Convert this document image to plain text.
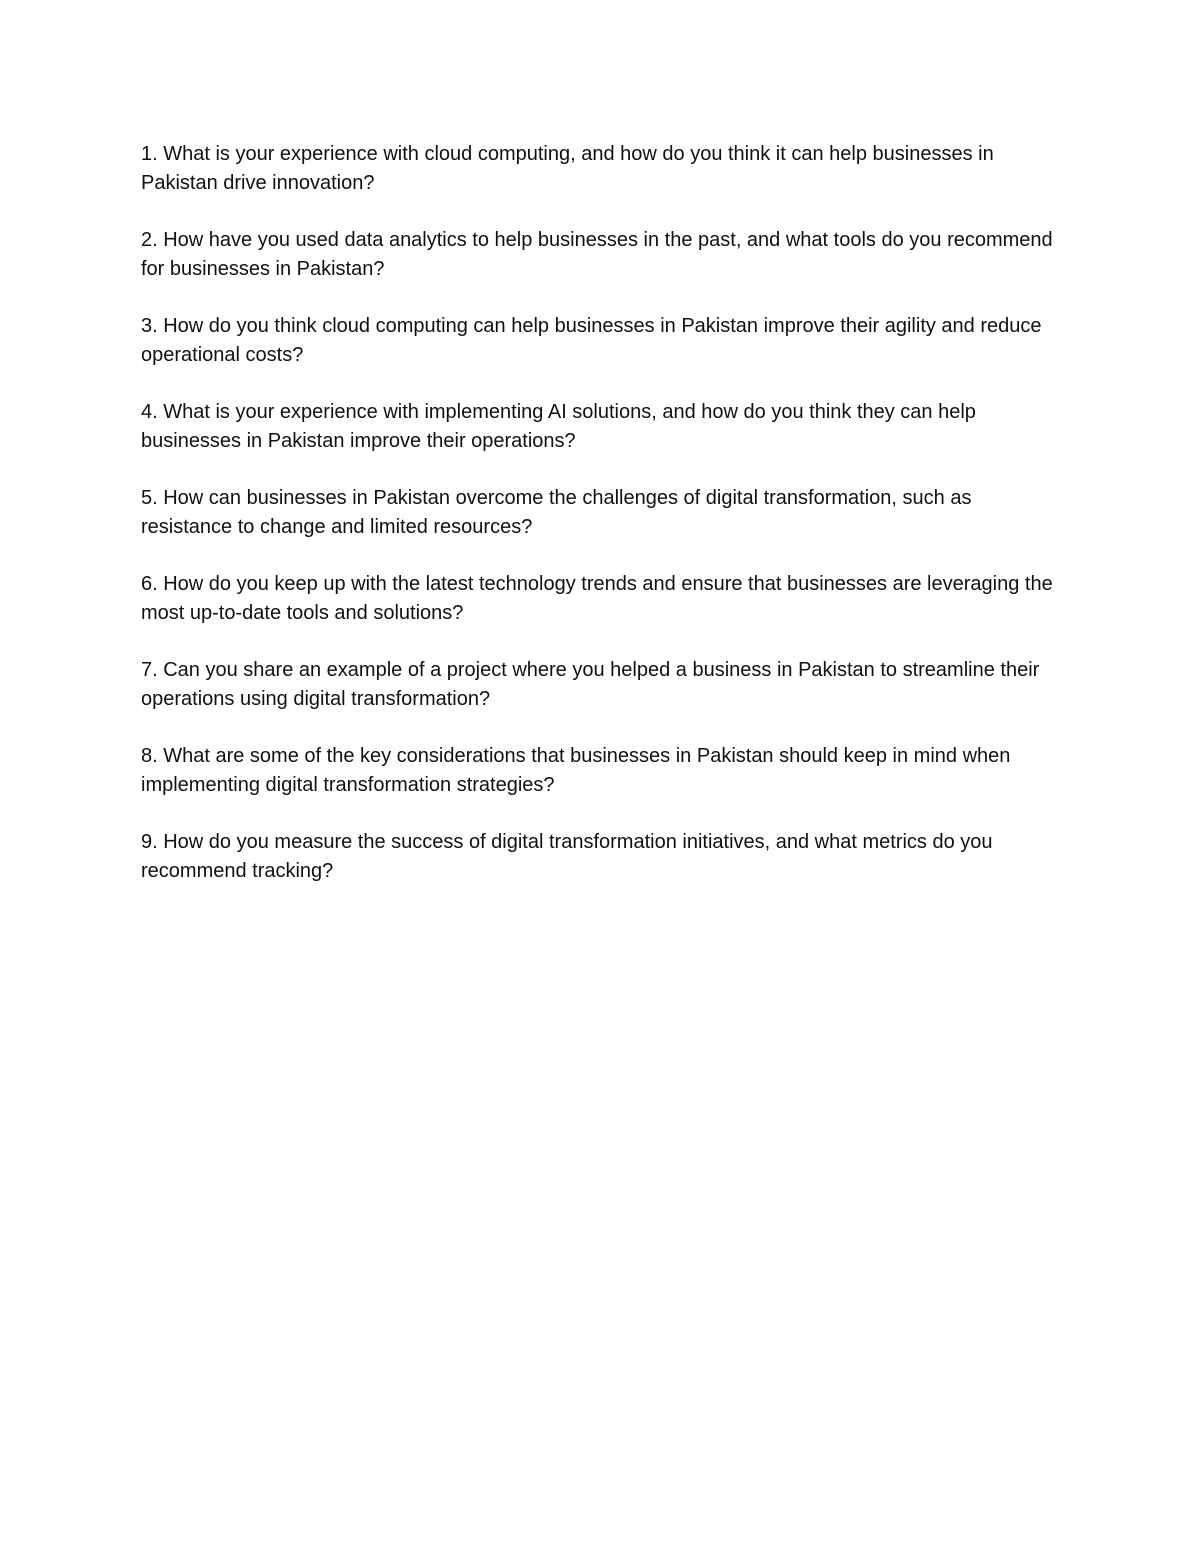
1. What is your experience with cloud computing, and how do you think it can help businesses in Pakistan drive innovation?

2. How have you used data analytics to help businesses in the past, and what tools do you recommend for businesses in Pakistan?

3. How do you think cloud computing can help businesses in Pakistan improve their agility and reduce operational costs?

4. What is your experience with implementing AI solutions, and how do you think they can help businesses in Pakistan improve their operations?

5. How can businesses in Pakistan overcome the challenges of digital transformation, such as resistance to change and limited resources?

6. How do you keep up with the latest technology trends and ensure that businesses are leveraging the most up-to-date tools and solutions?

7. Can you share an example of a project where you helped a business in Pakistan to streamline their operations using digital transformation?

8. What are some of the key considerations that businesses in Pakistan should keep in mind when implementing digital transformation strategies?

9. How do you measure the success of digital transformation initiatives, and what metrics do you recommend tracking?
